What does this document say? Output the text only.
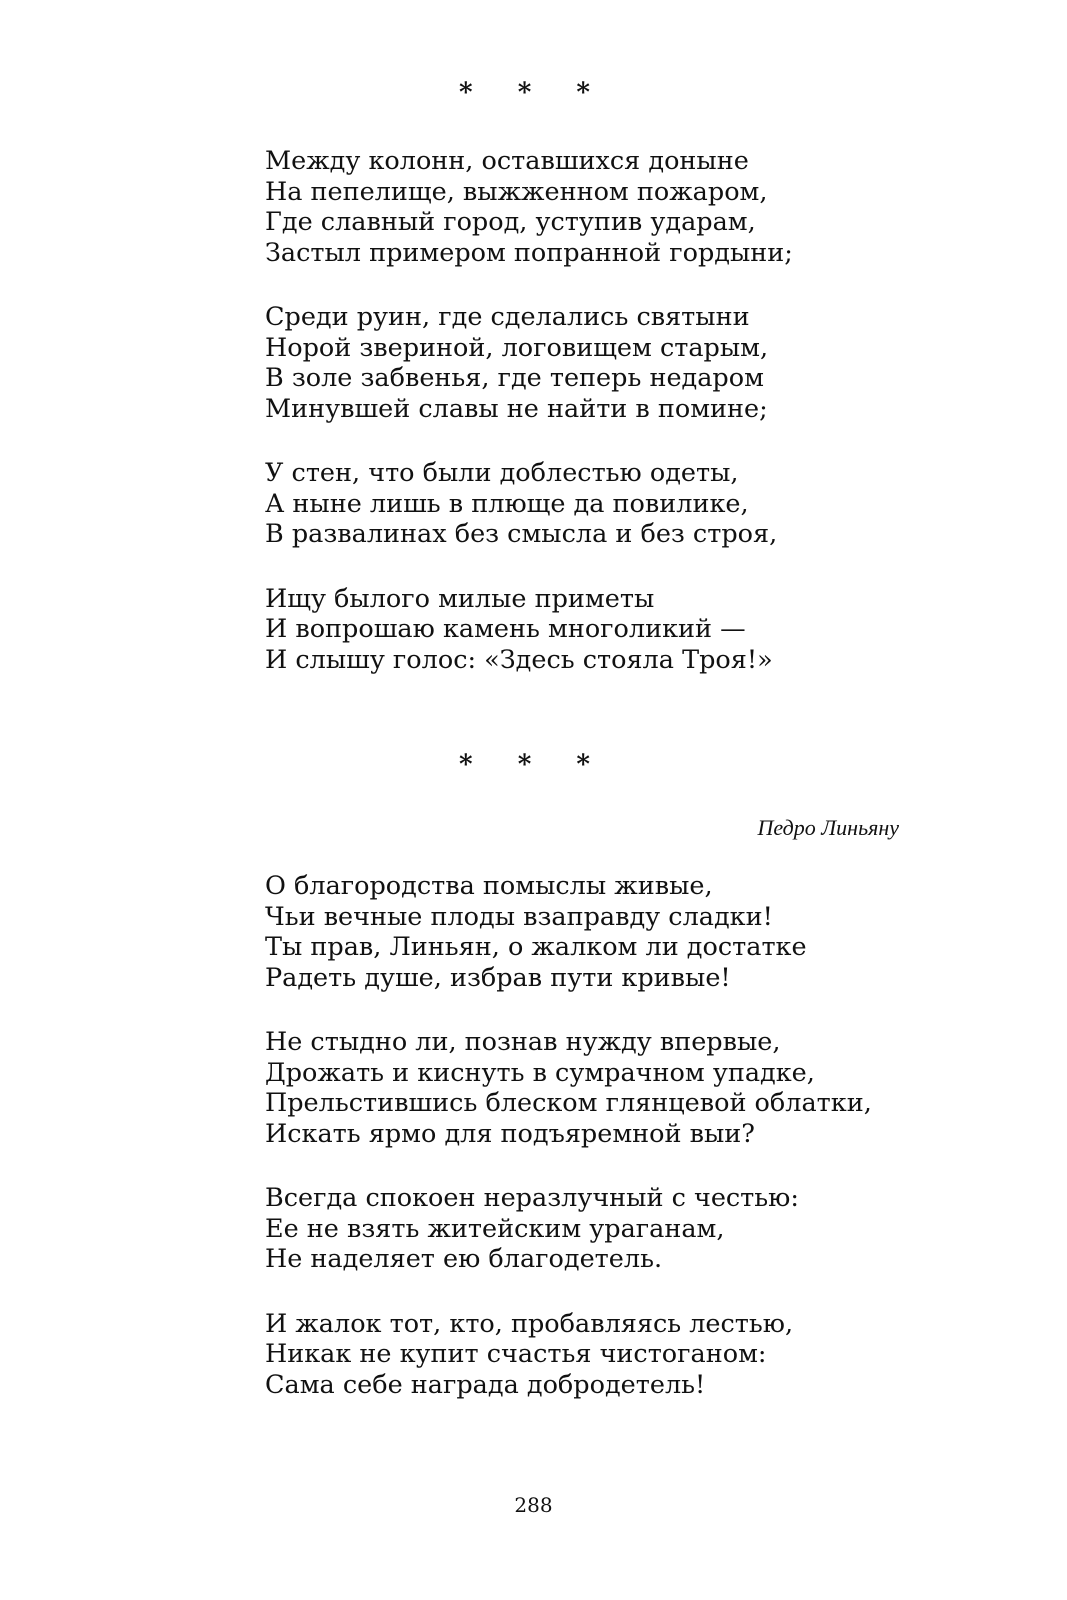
* * *
Между колонн, оставшихся доныне
На пепелище, выжженном пожаром,
Где славный город, уступив ударам,
Застыл примером попранной гордыни;
Среди руин, где сделались святыни
Норой звериной, логовищем старым,
В золе забвенья, где теперь недаром
Минувшей славы не найти в помине;
У стен, что были доблестью одеты,
А ныне лишь в плюще да повилике,
В развалинах без смысла и без строя,
Ищу былого милые приметы
И вопрошаю камень многоликий —
И слышу голос: «Здесь стояла Троя!»
* * *
Педро Линьяну
О благородства помыслы живые,
Чьи вечные плоды взаправду сладки!
Ты прав, Линьян, о жалком ли достатке
Радеть душе, избрав пути кривые!
Не стыдно ли, познав нужду впервые,
Дрожать и киснуть в сумрачном упадке,
Прельстившись блеском глянцевой облатки,
Искать ярмо для подъяремной выи?
Всегда спокоен неразлучный с честью:
Ее не взять житейским ураганам,
Не наделяет ею благодетель.
И жалок тот, кто, пробавляясь лестью,
Никак не купит счастья чистоганом:
Сама себе награда добродетель!
288
